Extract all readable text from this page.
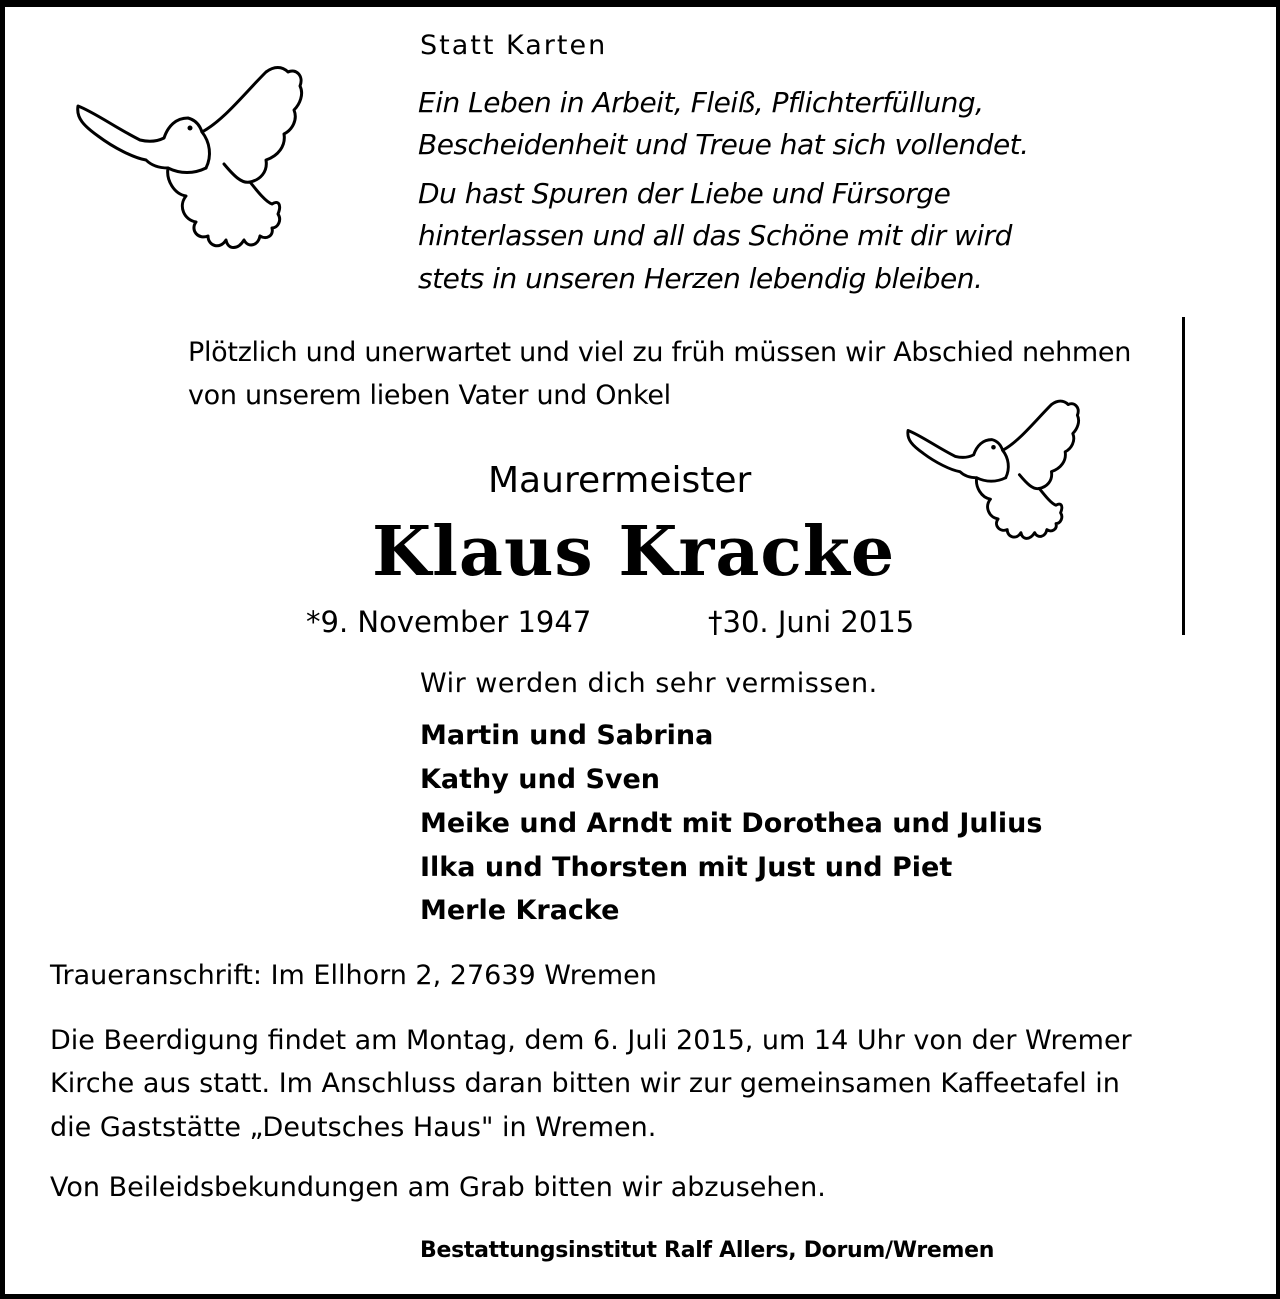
Statt Karten
Ein Leben in Arbeit, Fleiß, Pflichterfüllung,
Bescheidenheit und Treue hat sich vollendet.
Du hast Spuren der Liebe und Fürsorge
hinterlassen und all das Schöne mit dir wird
stets in unseren Herzen lebendig bleiben.
Plötzlich und unerwartet und viel zu früh müssen wir Abschied nehmen
von unserem lieben Vater und Onkel
Maurermeister
Klaus Kracke
*9. November 1947	†30. Juni 2015
Wir werden dich sehr vermissen.
Martin und Sabrina
Kathy und Sven
Meike und Arndt mit Dorothea und Julius
Ilka und Thorsten mit Just und Piet
Merle Kracke
Traueranschrift: Im Ellhorn 2, 27639 Wremen
Die Beerdigung findet am Montag, dem 6. Juli 2015, um 14 Uhr von der Wremer
Kirche aus statt. Im Anschluss daran bitten wir zur gemeinsamen Kaffeetafel in
die Gaststätte „Deutsches Haus" in Wremen.
Von Beileidsbekundungen am Grab bitten wir abzusehen.
Bestattungsinstitut Ralf Allers, Dorum/Wremen
